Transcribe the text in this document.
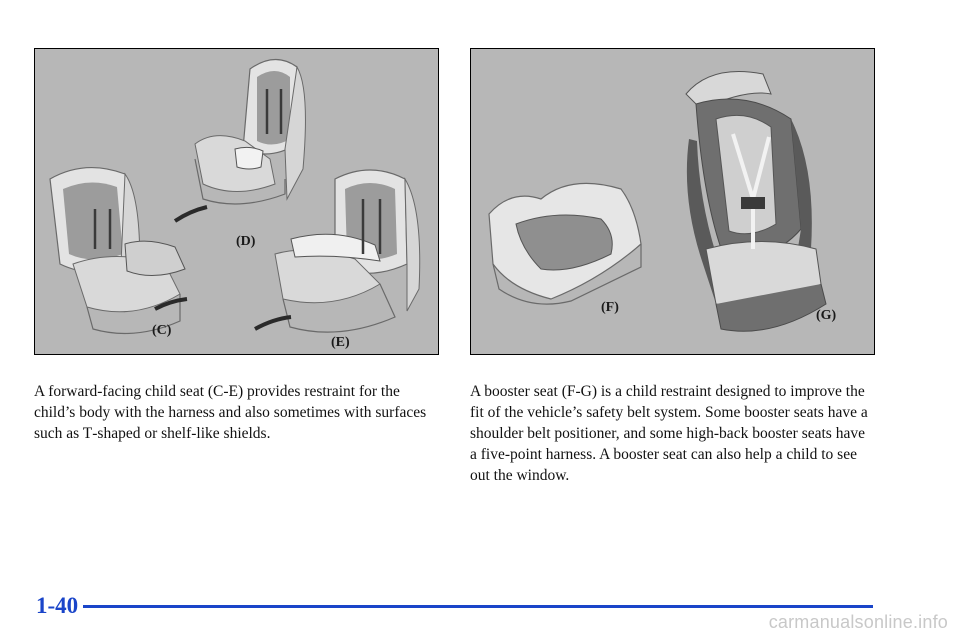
(D)
(C)
(E)
(F)
(G)

A forward‑facing child seat (C‑E) provides restraint for the child’s body with the harness and also sometimes with surfaces such as T‑shaped or shelf‑like shields.

A booster seat (F‑G) is a child restraint designed to improve the fit of the vehicle’s safety belt system. Some booster seats have a shoulder belt positioner, and some high‑back booster seats have a five‑point harness. A booster seat can also help a child to see out the window.

1-40
carmanualsonline.info
